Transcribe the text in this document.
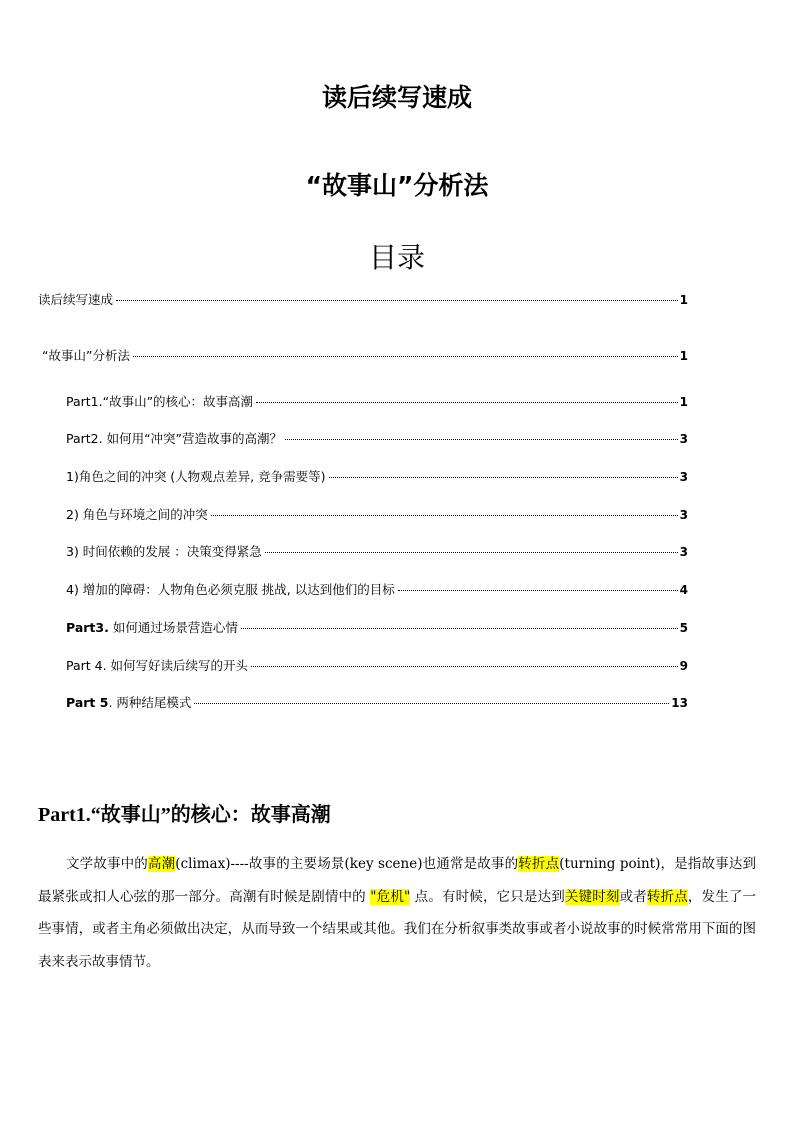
读后续写速成
“故事山”分析法
目录
读后续写速成	1
“故事山”分析法	1
Part1.“故事山”的核心：故事高潮	1
Part2. 如何用“冲突”营造故事的高潮？	3
1)角色之间的冲突 (人物观点差异, 竞争需要等)	3
2) 角色与环境之间的冲突	3
3) 时间依赖的发展 ：决策变得紧急	3
4) 增加的障碍：人物角色必须克服 挑战, 以达到他们的目标	4
Part3. 如何通过场景营造心情	5
Part 4. 如何写好读后续写的开头	9
Part 5. 两种结尾模式	13
Part1.“故事山”的核心：故事高潮

文学故事中的高潮(climax)----故事的主要场景(key scene)也通常是故事的转折点(turning point)，是指故事达到最紧张或扣人心弦的那一部分。高潮有时候是剧情中的 "危机" 点。有时候，它只是达到关键时刻或者转折点，发生了一些事情，或者主角必须做出决定，从而导致一个结果或其他。我们在分析叙事类故事或者小说故事的时候常常用下面的图表来表示故事情节。
